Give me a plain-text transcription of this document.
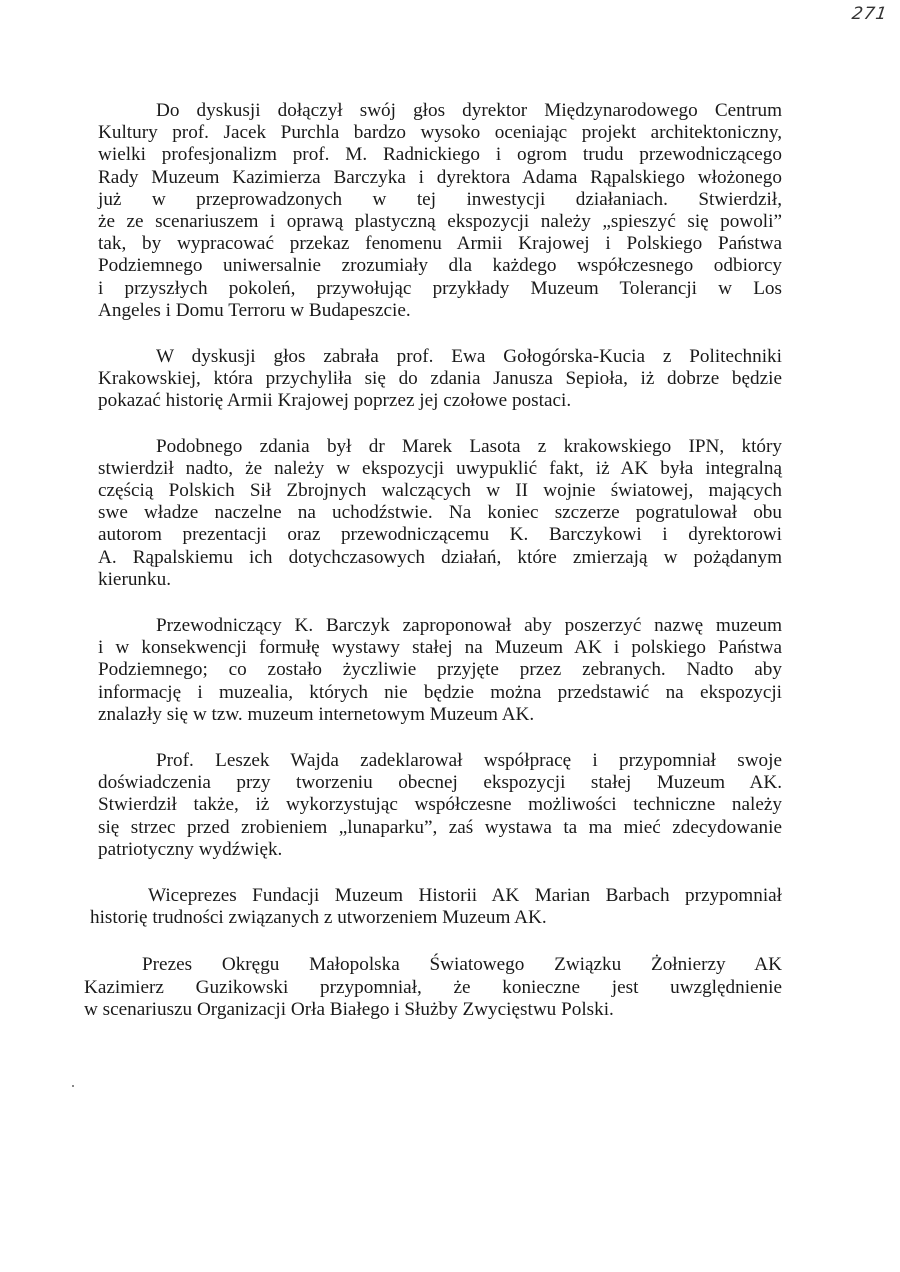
271

Do dyskusji dołączył swój głos dyrektor Międzynarodowego Centrum
Kultury prof. Jacek Purchla bardzo wysoko oceniając projekt architektoniczny,
wielki profesjonalizm prof. M. Radnickiego i ogrom trudu przewodniczącego
Rady Muzeum Kazimierza Barczyka i dyrektora Adama Rąpalskiego włożonego
już w przeprowadzonych w tej inwestycji działaniach. Stwierdził,
że ze scenariuszem i oprawą plastyczną ekspozycji należy „spieszyć się powoli”
tak, by wypracować przekaz fenomenu Armii Krajowej i Polskiego Państwa
Podziemnego uniwersalnie zrozumiały dla każdego współczesnego odbiorcy
i przyszłych pokoleń, przywołując przykłady Muzeum Tolerancji w Los
Angeles i Domu Terroru w Budapeszcie.

W dyskusji głos zabrała prof. Ewa Gołogórska-Kucia z Politechniki
Krakowskiej, która przychyliła się do zdania Janusza Sepioła, iż dobrze będzie
pokazać historię Armii Krajowej poprzez jej czołowe postaci.

Podobnego zdania był dr Marek Lasota z krakowskiego IPN, który
stwierdził nadto, że należy w ekspozycji uwypuklić fakt, iż AK była integralną
częścią Polskich Sił Zbrojnych walczących w II wojnie światowej, mających
swe władze naczelne na uchodźstwie. Na koniec szczerze pogratulował obu
autorom prezentacji oraz przewodniczącemu K. Barczykowi i dyrektorowi
A. Rąpalskiemu ich dotychczasowych działań, które zmierzają w pożądanym
kierunku.

Przewodniczący K. Barczyk zaproponował aby poszerzyć nazwę muzeum
i w konsekwencji formułę wystawy stałej na Muzeum AK i polskiego Państwa
Podziemnego; co zostało życzliwie przyjęte przez zebranych. Nadto aby
informację i muzealia, których nie będzie można przedstawić na ekspozycji
znalazły się w tzw. muzeum internetowym Muzeum AK.

Prof. Leszek Wajda zadeklarował współpracę i przypomniał swoje
doświadczenia przy tworzeniu obecnej ekspozycji stałej Muzeum AK.
Stwierdził także, iż wykorzystując współczesne możliwości techniczne należy
się strzec przed zrobieniem „lunaparku”, zaś wystawa ta ma mieć zdecydowanie
patriotyczny wydźwięk.

Wiceprezes Fundacji Muzeum Historii AK Marian Barbach przypomniał
historię trudności związanych z utworzeniem Muzeum AK.

Prezes Okręgu Małopolska Światowego Związku Żołnierzy AK
Kazimierz Guzikowski przypomniał, że konieczne jest uwzględnienie
w scenariuszu Organizacji Orła Białego i Służby Zwycięstwu Polski.
